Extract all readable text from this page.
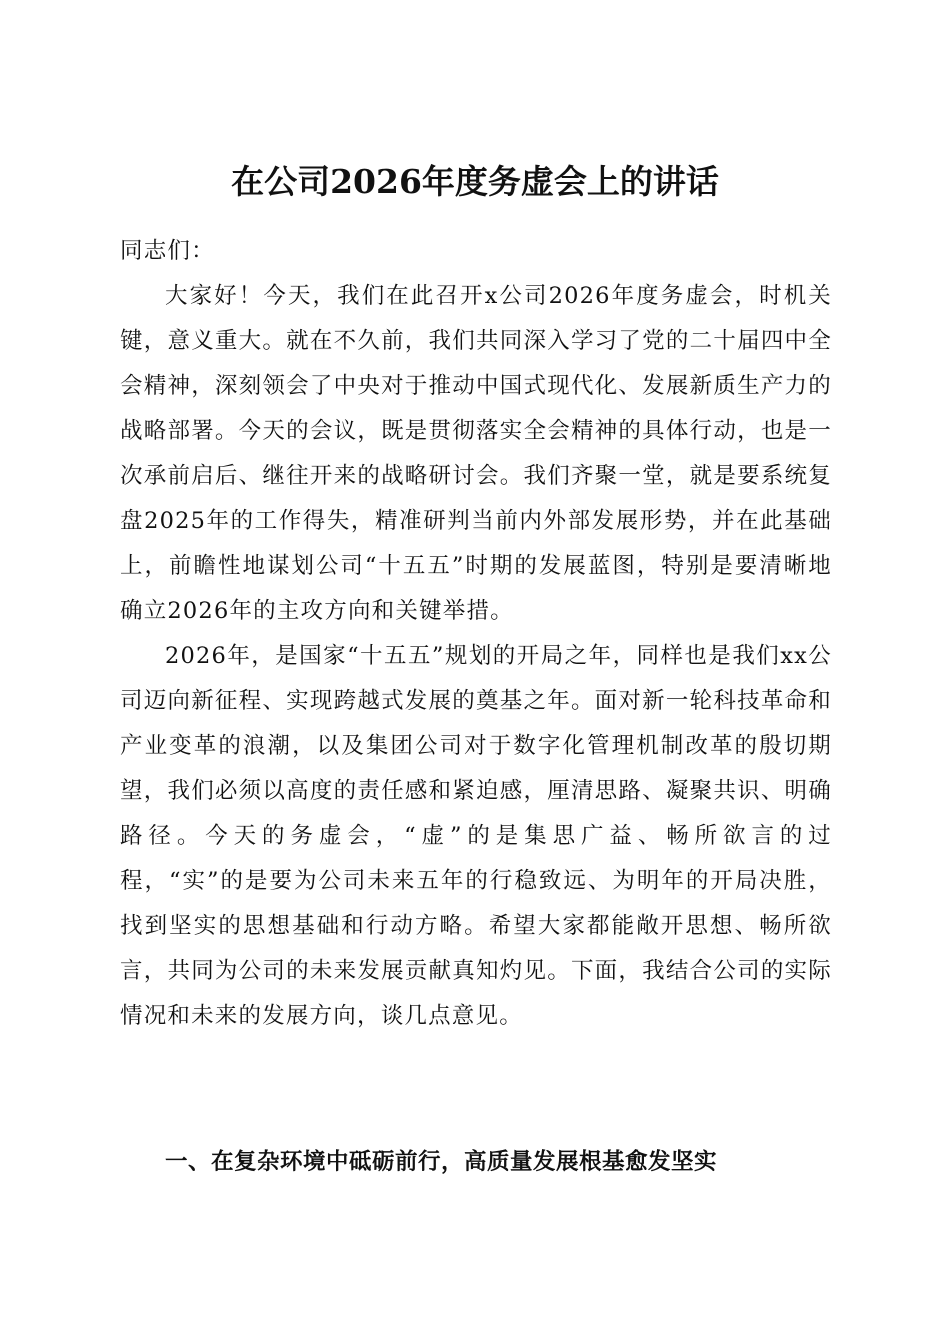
在公司2026年度务虚会上的讲话

同志们：

大家好！今天，我们在此召开x公司2026年度务虚会，时机关键，意义重大。就在不久前，我们共同深入学习了党的二十届四中全会精神，深刻领会了中央对于推动中国式现代化、发展新质生产力的战略部署。今天的会议，既是贯彻落实全会精神的具体行动，也是一次承前启后、继往开来的战略研讨会。我们齐聚一堂，就是要系统复盘2025年的工作得失，精准研判当前内外部发展形势，并在此基础上，前瞻性地谋划公司“十五五”时期的发展蓝图，特别是要清晰地确立2026年的主攻方向和关键举措。

2026年，是国家“十五五”规划的开局之年，同样也是我们xx公司迈向新征程、实现跨越式发展的奠基之年。面对新一轮科技革命和产业变革的浪潮，以及集团公司对于数字化管理机制改革的殷切期望，我们必须以高度的责任感和紧迫感，厘清思路、凝聚共识、明确路径。今天的务虚会，“虚”的是集思广益、畅所欲言的过程，“实”的是要为公司未来五年的行稳致远、为明年的开局决胜，找到坚实的思想基础和行动方略。希望大家都能敞开思想、畅所欲言，共同为公司的未来发展贡献真知灼见。下面，我结合公司的实际情况和未来的发展方向，谈几点意见。

一、在复杂环境中砥砺前行，高质量发展根基愈发坚实
